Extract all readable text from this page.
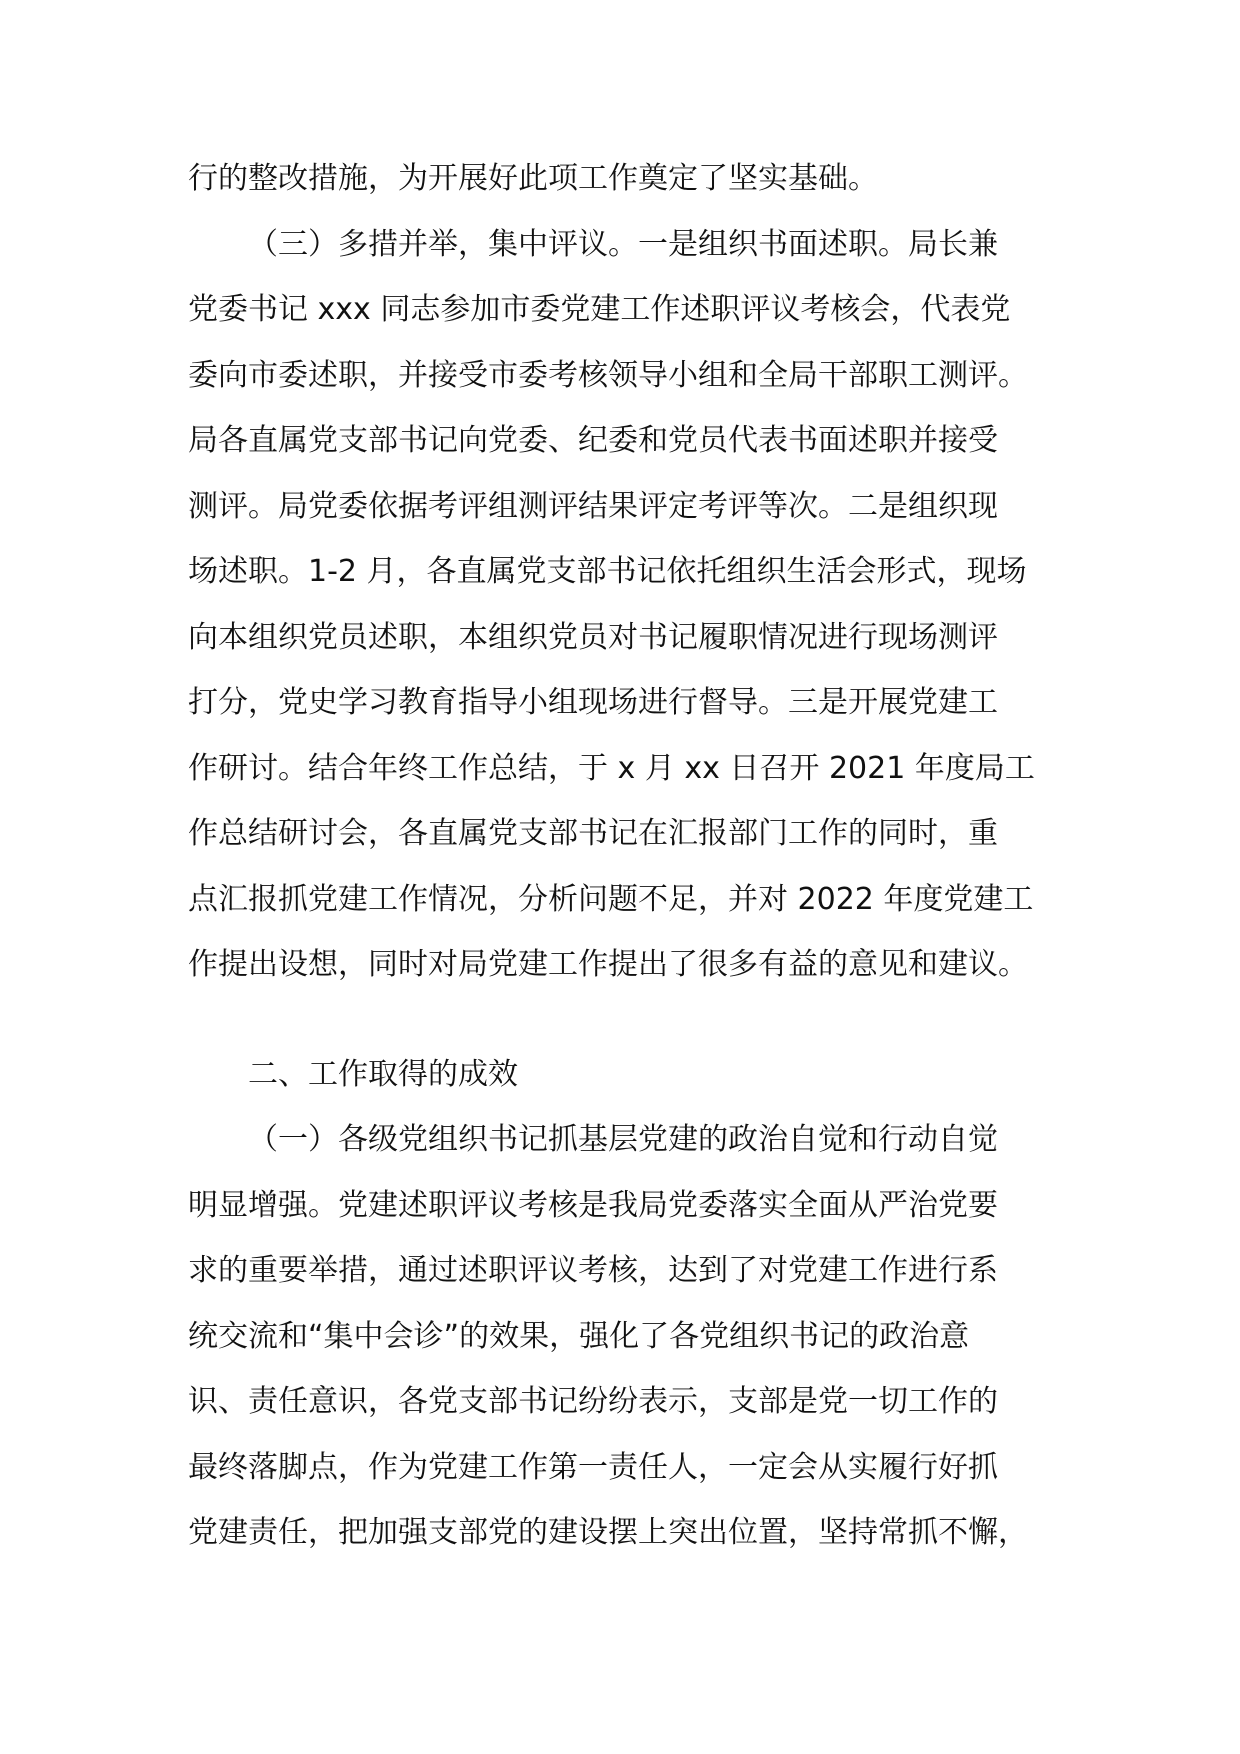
行的整改措施，为开展好此项工作奠定了坚实基础。
（三）多措并举，集中评议。一是组织书面述职。局长兼
党委书记 xxx 同志参加市委党建工作述职评议考核会，代表党
委向市委述职，并接受市委考核领导小组和全局干部职工测评。
局各直属党支部书记向党委、纪委和党员代表书面述职并接受
测评。局党委依据考评组测评结果评定考评等次。二是组织现
场述职。1-2 月，各直属党支部书记依托组织生活会形式，现场
向本组织党员述职，本组织党员对书记履职情况进行现场测评
打分，党史学习教育指导小组现场进行督导。三是开展党建工
作研讨。结合年终工作总结，于 x 月 xx 日召开 2021 年度局工
作总结研讨会，各直属党支部书记在汇报部门工作的同时，重
点汇报抓党建工作情况，分析问题不足，并对 2022 年度党建工
作提出设想，同时对局党建工作提出了很多有益的意见和建议。
二、工作取得的成效
（一）各级党组织书记抓基层党建的政治自觉和行动自觉
明显增强。党建述职评议考核是我局党委落实全面从严治党要
求的重要举措，通过述职评议考核，达到了对党建工作进行系
统交流和“集中会诊”的效果，强化了各党组织书记的政治意
识、责任意识，各党支部书记纷纷表示，支部是党一切工作的
最终落脚点，作为党建工作第一责任人，一定会从实履行好抓
党建责任，把加强支部党的建设摆上突出位置，坚持常抓不懈，
